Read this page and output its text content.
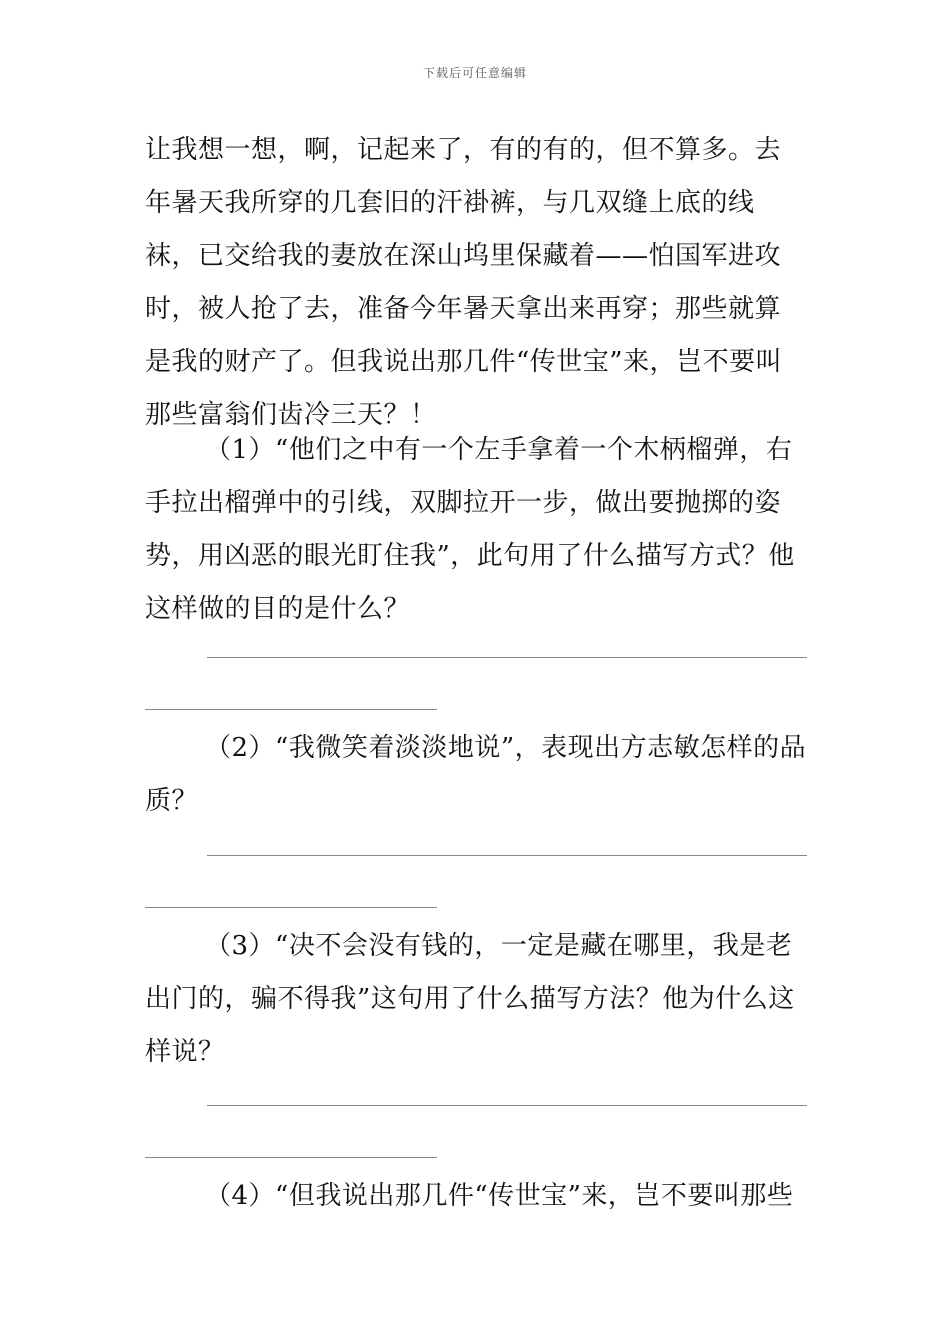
下载后可任意编辑
让我想一想，啊，记起来了，有的有的，但不算多。去年暑天我所穿的几套旧的汗褂裤，与几双缝上底的线袜，已交给我的妻放在深山坞里保藏着——怕国军进攻时，被人抢了去，准备今年暑天拿出来再穿；那些就算是我的财产了。但我说出那几件“传世宝”来，岂不要叫那些富翁们齿冷三天？！
（1）“他们之中有一个左手拿着一个木柄榴弹，右手拉出榴弹中的引线，双脚拉开一步，做出要抛掷的姿势，用凶恶的眼光盯住我”，此句用了什么描写方式？他这样做的目的是什么？
（2）“我微笑着淡淡地说”，表现出方志敏怎样的品质？
（3）“决不会没有钱的，一定是藏在哪里，我是老出门的，骗不得我”这句用了什么描写方法？他为什么这样说？
（4）“但我说出那几件“传世宝”来，岂不要叫那些
